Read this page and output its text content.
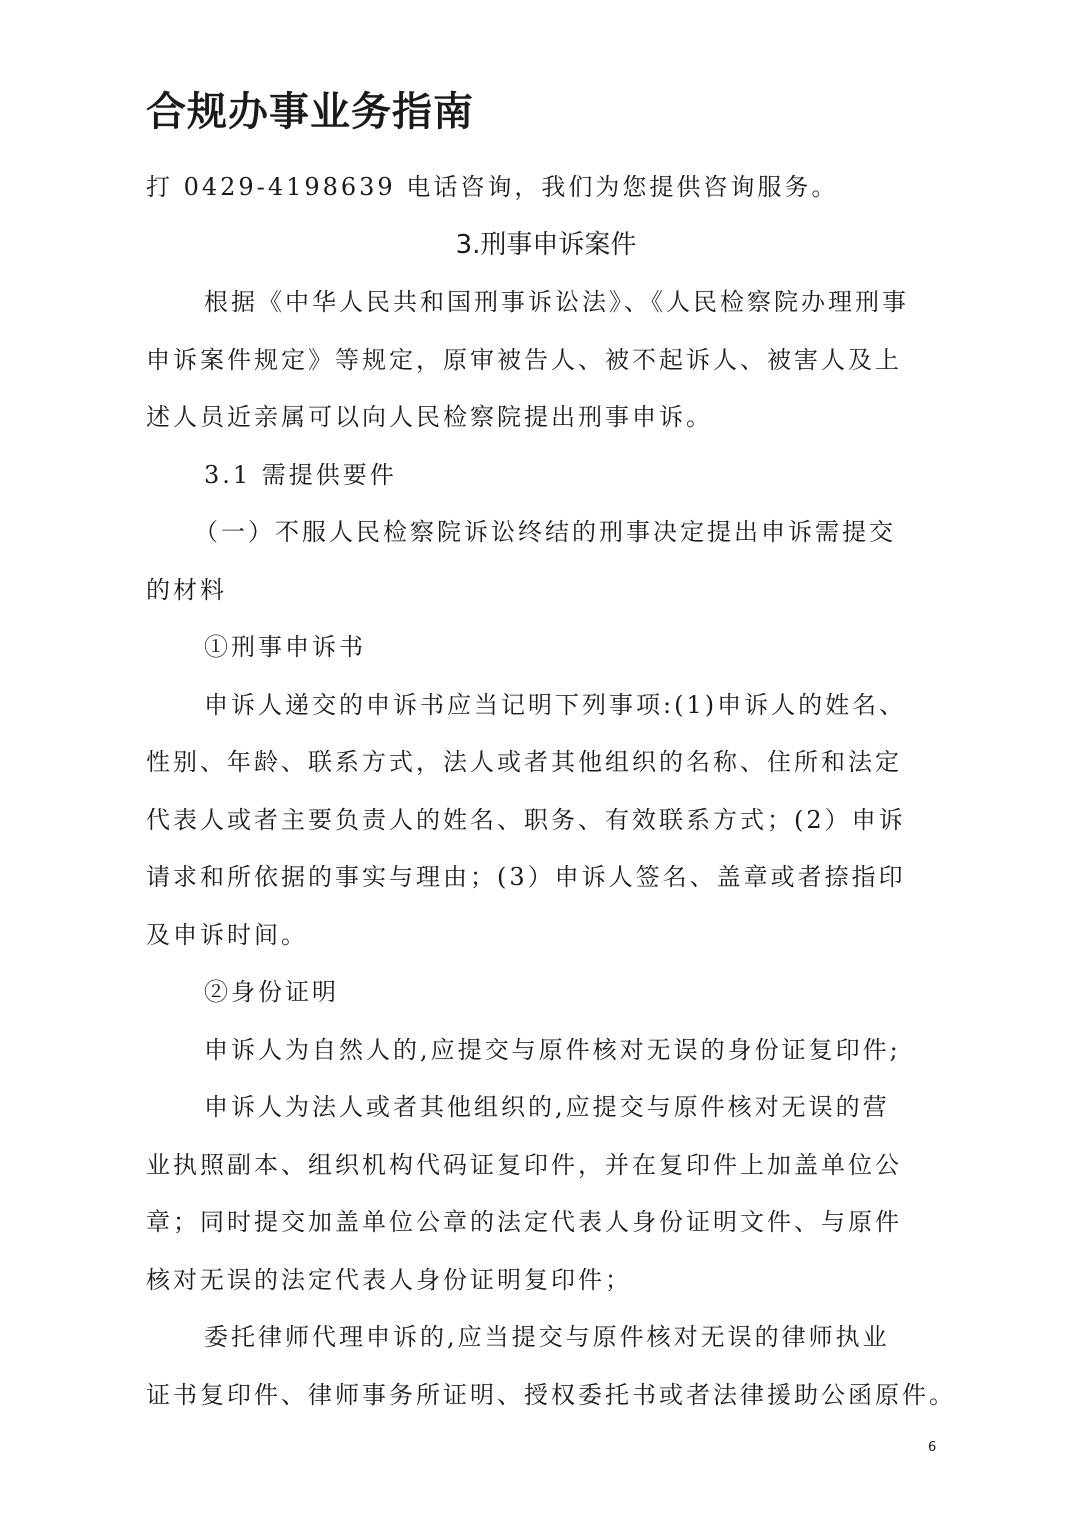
合规办事业务指南
打 0429-4198639 电话咨询，我们为您提供咨询服务。
3.刑事申诉案件
根据《中华人民共和国刑事诉讼法》、《人民检察院办理刑事
申诉案件规定》等规定，原审被告人、被不起诉人、被害人及上
述人员近亲属可以向人民检察院提出刑事申诉。
3.1 需提供要件
（一）不服人民检察院诉讼终结的刑事决定提出申诉需提交
的材料
①刑事申诉书
申诉人递交的申诉书应当记明下列事项:(1)申诉人的姓名、
性别、年龄、联系方式，法人或者其他组织的名称、住所和法定
代表人或者主要负责人的姓名、职务、有效联系方式；(2）申诉
请求和所依据的事实与理由；(3）申诉人签名、盖章或者捺指印
及申诉时间。
②身份证明
申诉人为自然人的,应提交与原件核对无误的身份证复印件;
申诉人为法人或者其他组织的,应提交与原件核对无误的营
业执照副本、组织机构代码证复印件，并在复印件上加盖单位公
章；同时提交加盖单位公章的法定代表人身份证明文件、与原件
核对无误的法定代表人身份证明复印件；
委托律师代理申诉的,应当提交与原件核对无误的律师执业
证书复印件、律师事务所证明、授权委托书或者法律援助公函原件。
6
